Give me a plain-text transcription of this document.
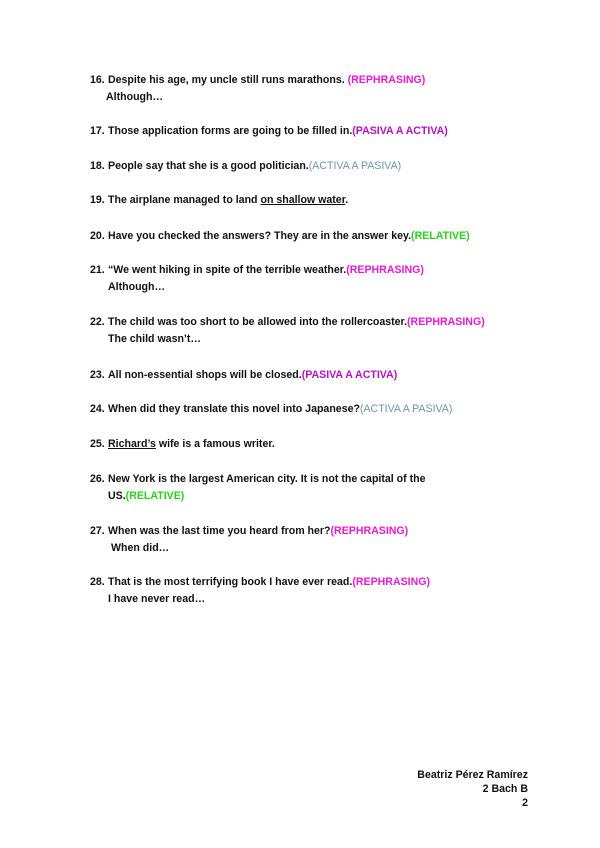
16. Despite his age, my uncle still runs marathons. (REPHRASING)
Although…
17. Those application forms are going to be filled in.(PASIVA A ACTIVA)
18. People say that she is a good politician.(ACTIVA A PASIVA)
19. The airplane managed to land on shallow water.
20. Have you checked the answers? They are in the answer key.(RELATIVE)
21. “We went hiking in spite of the terrible weather.(REPHRASING)
Although…
22. The child was too short to be allowed into the rollercoaster.(REPHRASING)
The child wasn’t…
23. All non-essential shops will be closed.(PASIVA A ACTIVA)
24. When did they translate this novel into Japanese?(ACTIVA A PASIVA)
25. Richard’s wife is a famous writer.
26. New York is the largest American city. It is not the capital of the
US.(RELATIVE)
27. When was the last time you heard from her?(REPHRASING)
When did…
28. That is the most terrifying book I have ever read.(REPHRASING)
I have never read…
Beatriz Pérez Ramírez
2 Bach B
2
